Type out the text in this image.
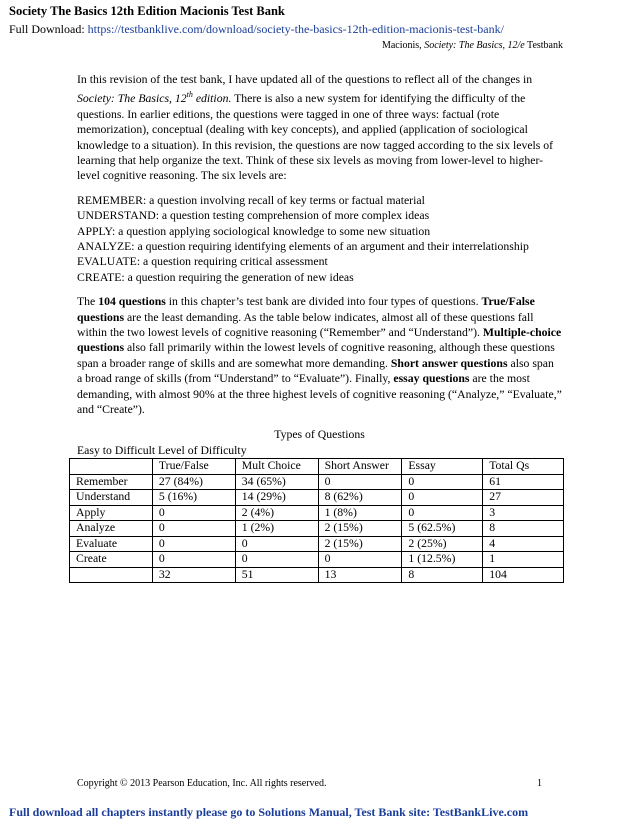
Society The Basics 12th Edition Macionis Test Bank
Full Download: https://testbanklive.com/download/society-the-basics-12th-edition-macionis-test-bank/
Macionis, Society: The Basics, 12/e Testbank

In this revision of the test bank, I have updated all of the questions to reflect all of the changes in Society: The Basics, 12th edition. There is also a new system for identifying the difficulty of the questions. In earlier editions, the questions were tagged in one of three ways: factual (rote memorization), conceptual (dealing with key concepts), and applied (application of sociological knowledge to a situation). In this revision, the questions are now tagged according to the six levels of learning that help organize the text. Think of these six levels as moving from lower-level to higher-level cognitive reasoning. The six levels are:

REMEMBER: a question involving recall of key terms or factual material
UNDERSTAND: a question testing comprehension of more complex ideas
APPLY: a question applying sociological knowledge to some new situation
ANALYZE: a question requiring identifying elements of an argument and their interrelationship
EVALUATE: a question requiring critical assessment
CREATE: a question requiring the generation of new ideas

The 104 questions in this chapter’s test bank are divided into four types of questions. True/False questions are the least demanding. As the table below indicates, almost all of these questions fall within the two lowest levels of cognitive reasoning (“Remember” and “Understand”). Multiple-choice questions also fall primarily within the lowest levels of cognitive reasoning, although these questions span a broader range of skills and are somewhat more demanding. Short answer questions also span a broad range of skills (from “Understand” to “Evaluate”). Finally, essay questions are the most demanding, with almost 90% at the three highest levels of cognitive reasoning (“Analyze,” “Evaluate,” and “Create”).

Types of Questions
Easy to Difficult Level of Difficulty
	True/False	Mult Choice	Short Answer	Essay	Total Qs
Remember	27 (84%)	34 (65%)	0	0	61
Understand	5 (16%)	14 (29%)	8 (62%)	0	27
Apply	0	2 (4%)	1 (8%)	0	3
Analyze	0	1 (2%)	2 (15%)	5 (62.5%)	8
Evaluate	0	0	2 (15%)	2 (25%)	4
Create	0	0	0	1 (12.5%)	1
	32	51	13	8	104
Copyright © 2013 Pearson Education, Inc. All rights reserved.	1
Full download all chapters instantly please go to Solutions Manual, Test Bank site: TestBankLive.com
